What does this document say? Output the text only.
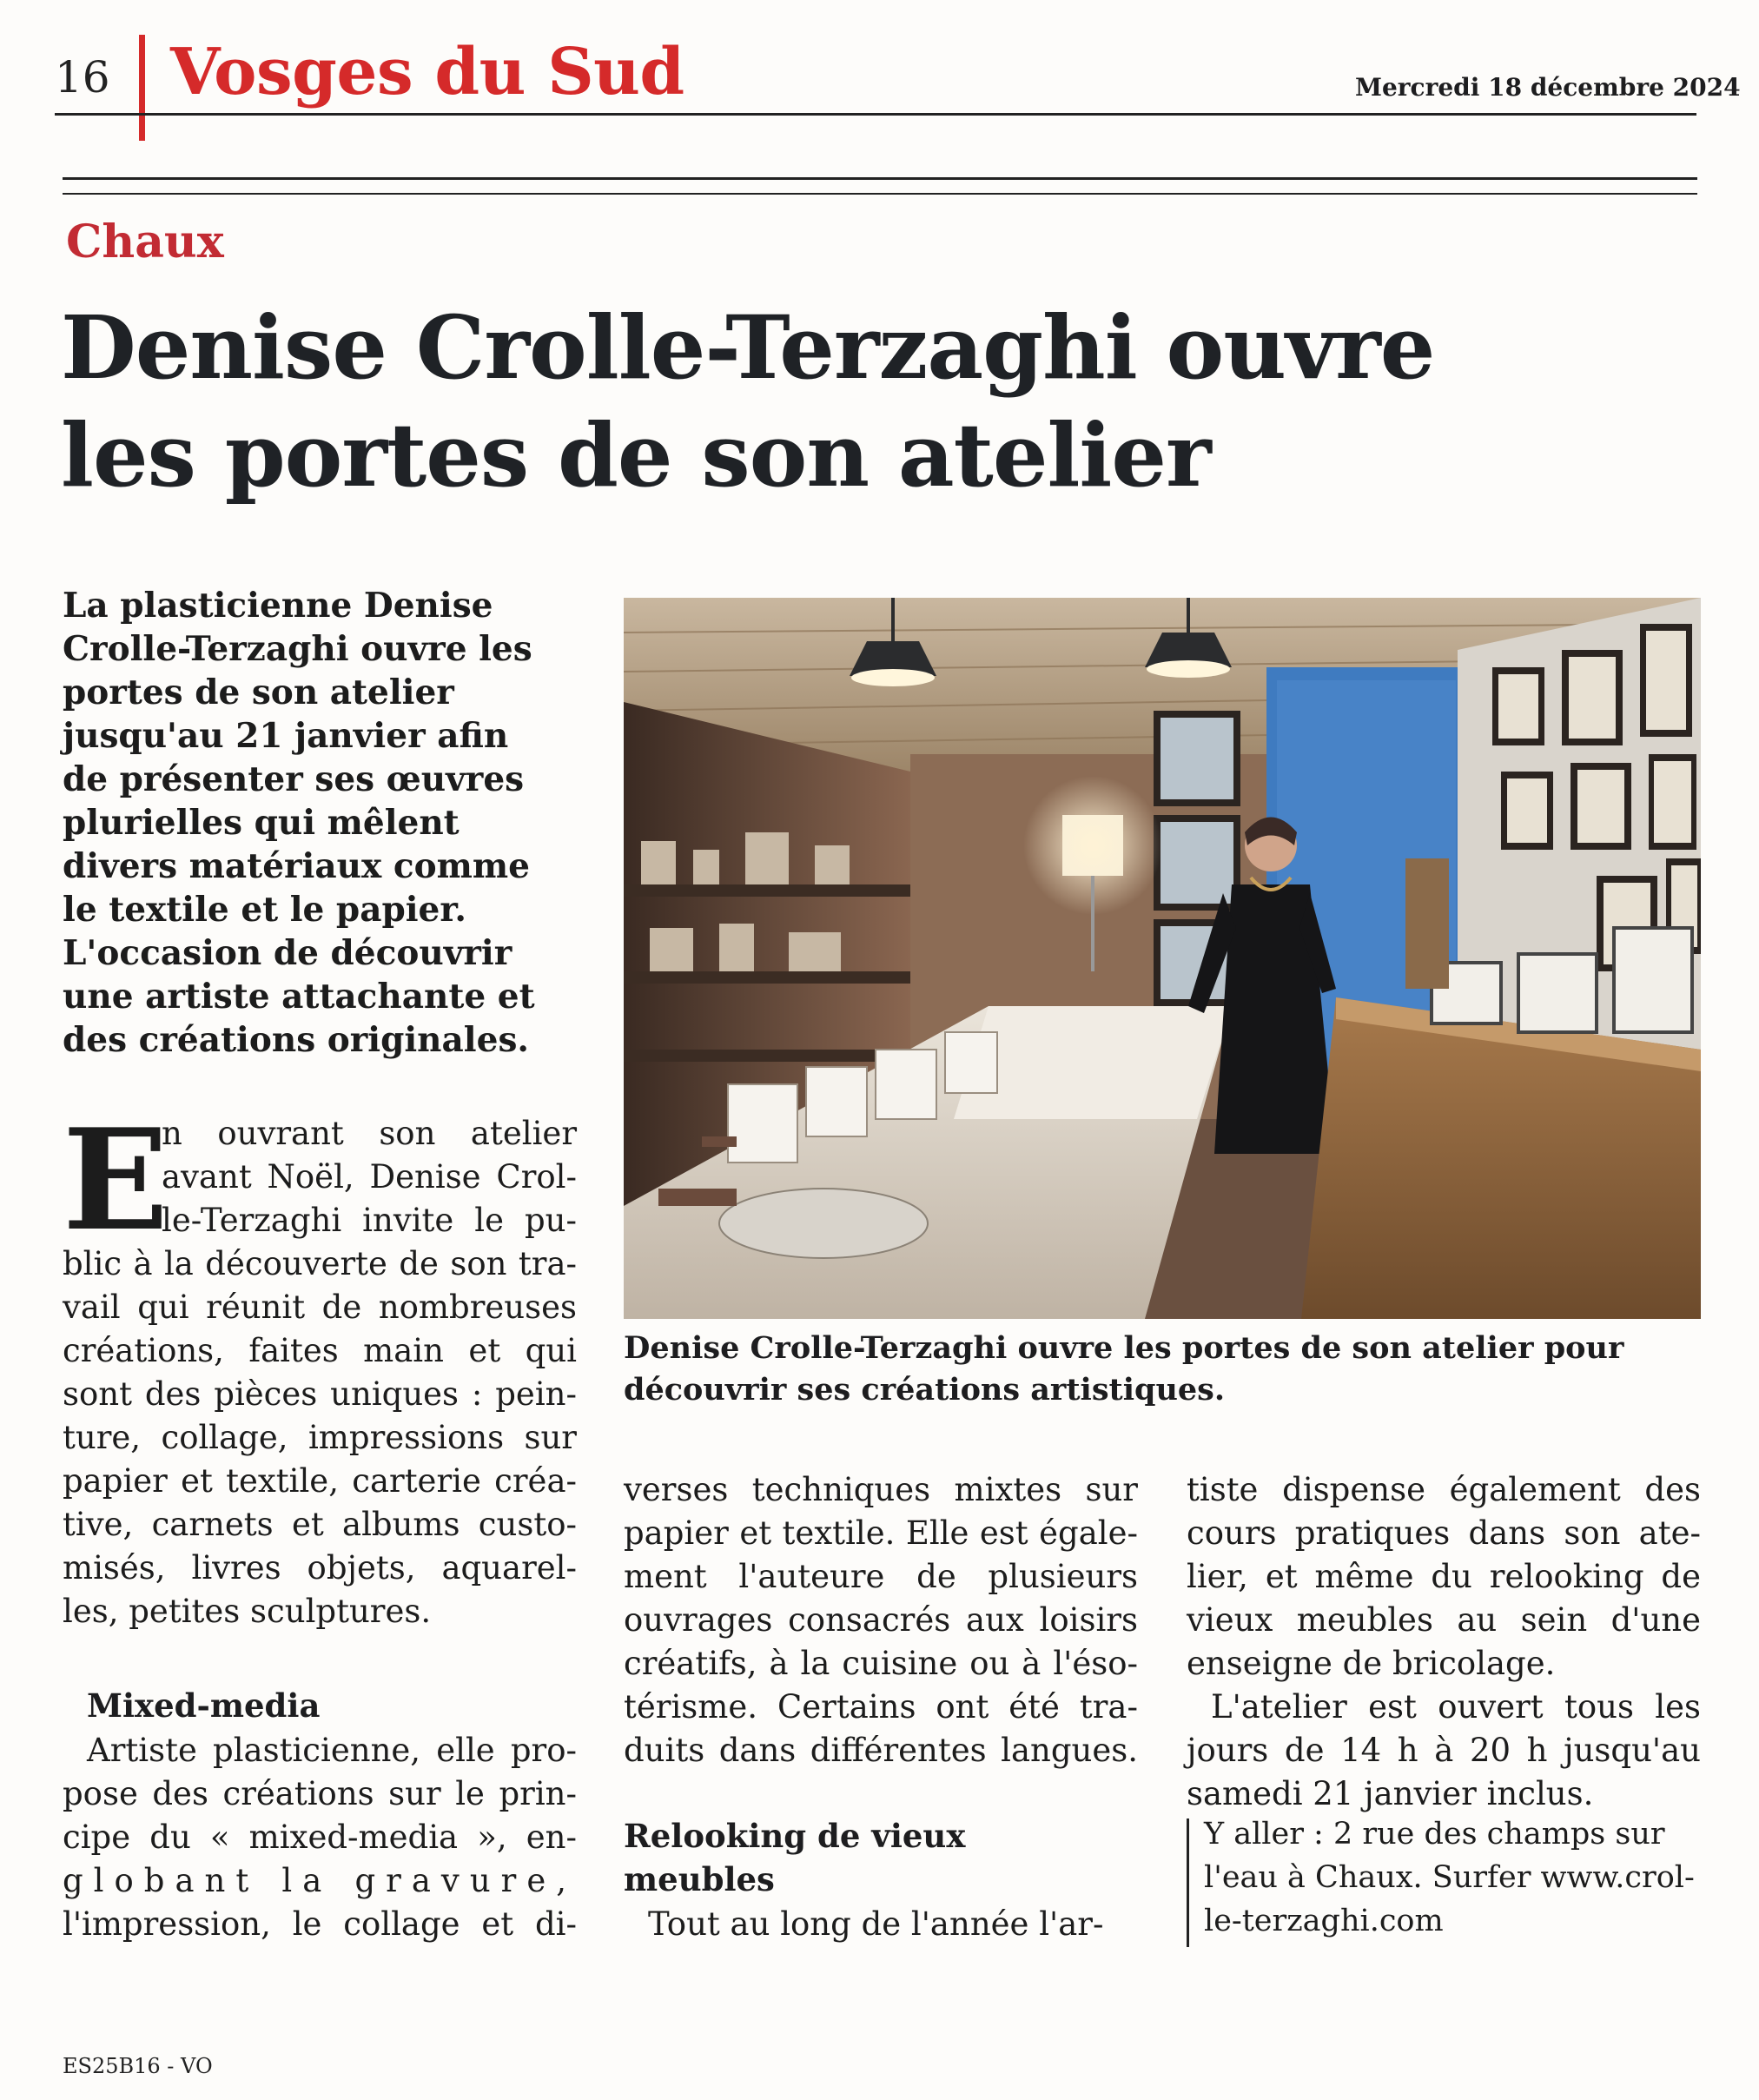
16 Vosges du Sud	Mercredi 18 décembre 2024
Chaux
Denise Crolle-Terzaghi ouvre
les portes de son atelier

La plasticienne Denise
Crolle-Terzaghi ouvre les
portes de son atelier
jusqu'au 21 janvier afin
de présenter ses œuvres
plurielles qui mêlent
divers matériaux comme
le textile et le papier.
L'occasion de découvrir
une artiste attachante et
des créations originales.

Denise Crolle-Terzaghi ouvre les portes de son atelier pour
découvrir ses créations artistiques.

E
n ouvrant son atelier
avant Noël, Denise Crol-
le-Terzaghi invite le pu-
blic à la découverte de son tra-
vail qui réunit de nombreuses
créations, faites main et qui
sont des pièces uniques : pein-
ture, collage, impressions sur
papier et textile, carterie créa-
tive, carnets et albums custo-
misés, livres objets, aquarel-
les, petites sculptures.
Mixed-media
Artiste plasticienne, elle pro-
pose des créations sur le prin-
cipe du « mixed-media », en-
globant la gravure,
l'impression, le collage et di-
verses techniques mixtes sur
papier et textile. Elle est égale-
ment l'auteure de plusieurs
ouvrages consacrés aux loisirs
créatifs, à la cuisine ou à l'éso-
térisme. Certains ont été tra-
duits dans différentes langues.
Relooking de vieux
meubles
Tout au long de l'année l'ar-
tiste dispense également des
cours pratiques dans son ate-
lier, et même du relooking de
vieux meubles au sein d'une
enseigne de bricolage.
L'atelier est ouvert tous les
jours de 14 h à 20 h jusqu'au
samedi 21 janvier inclus.
Y aller : 2 rue des champs sur
l'eau à Chaux. Surfer www.crol-
le-terzaghi.com
ES25B16 - VO
